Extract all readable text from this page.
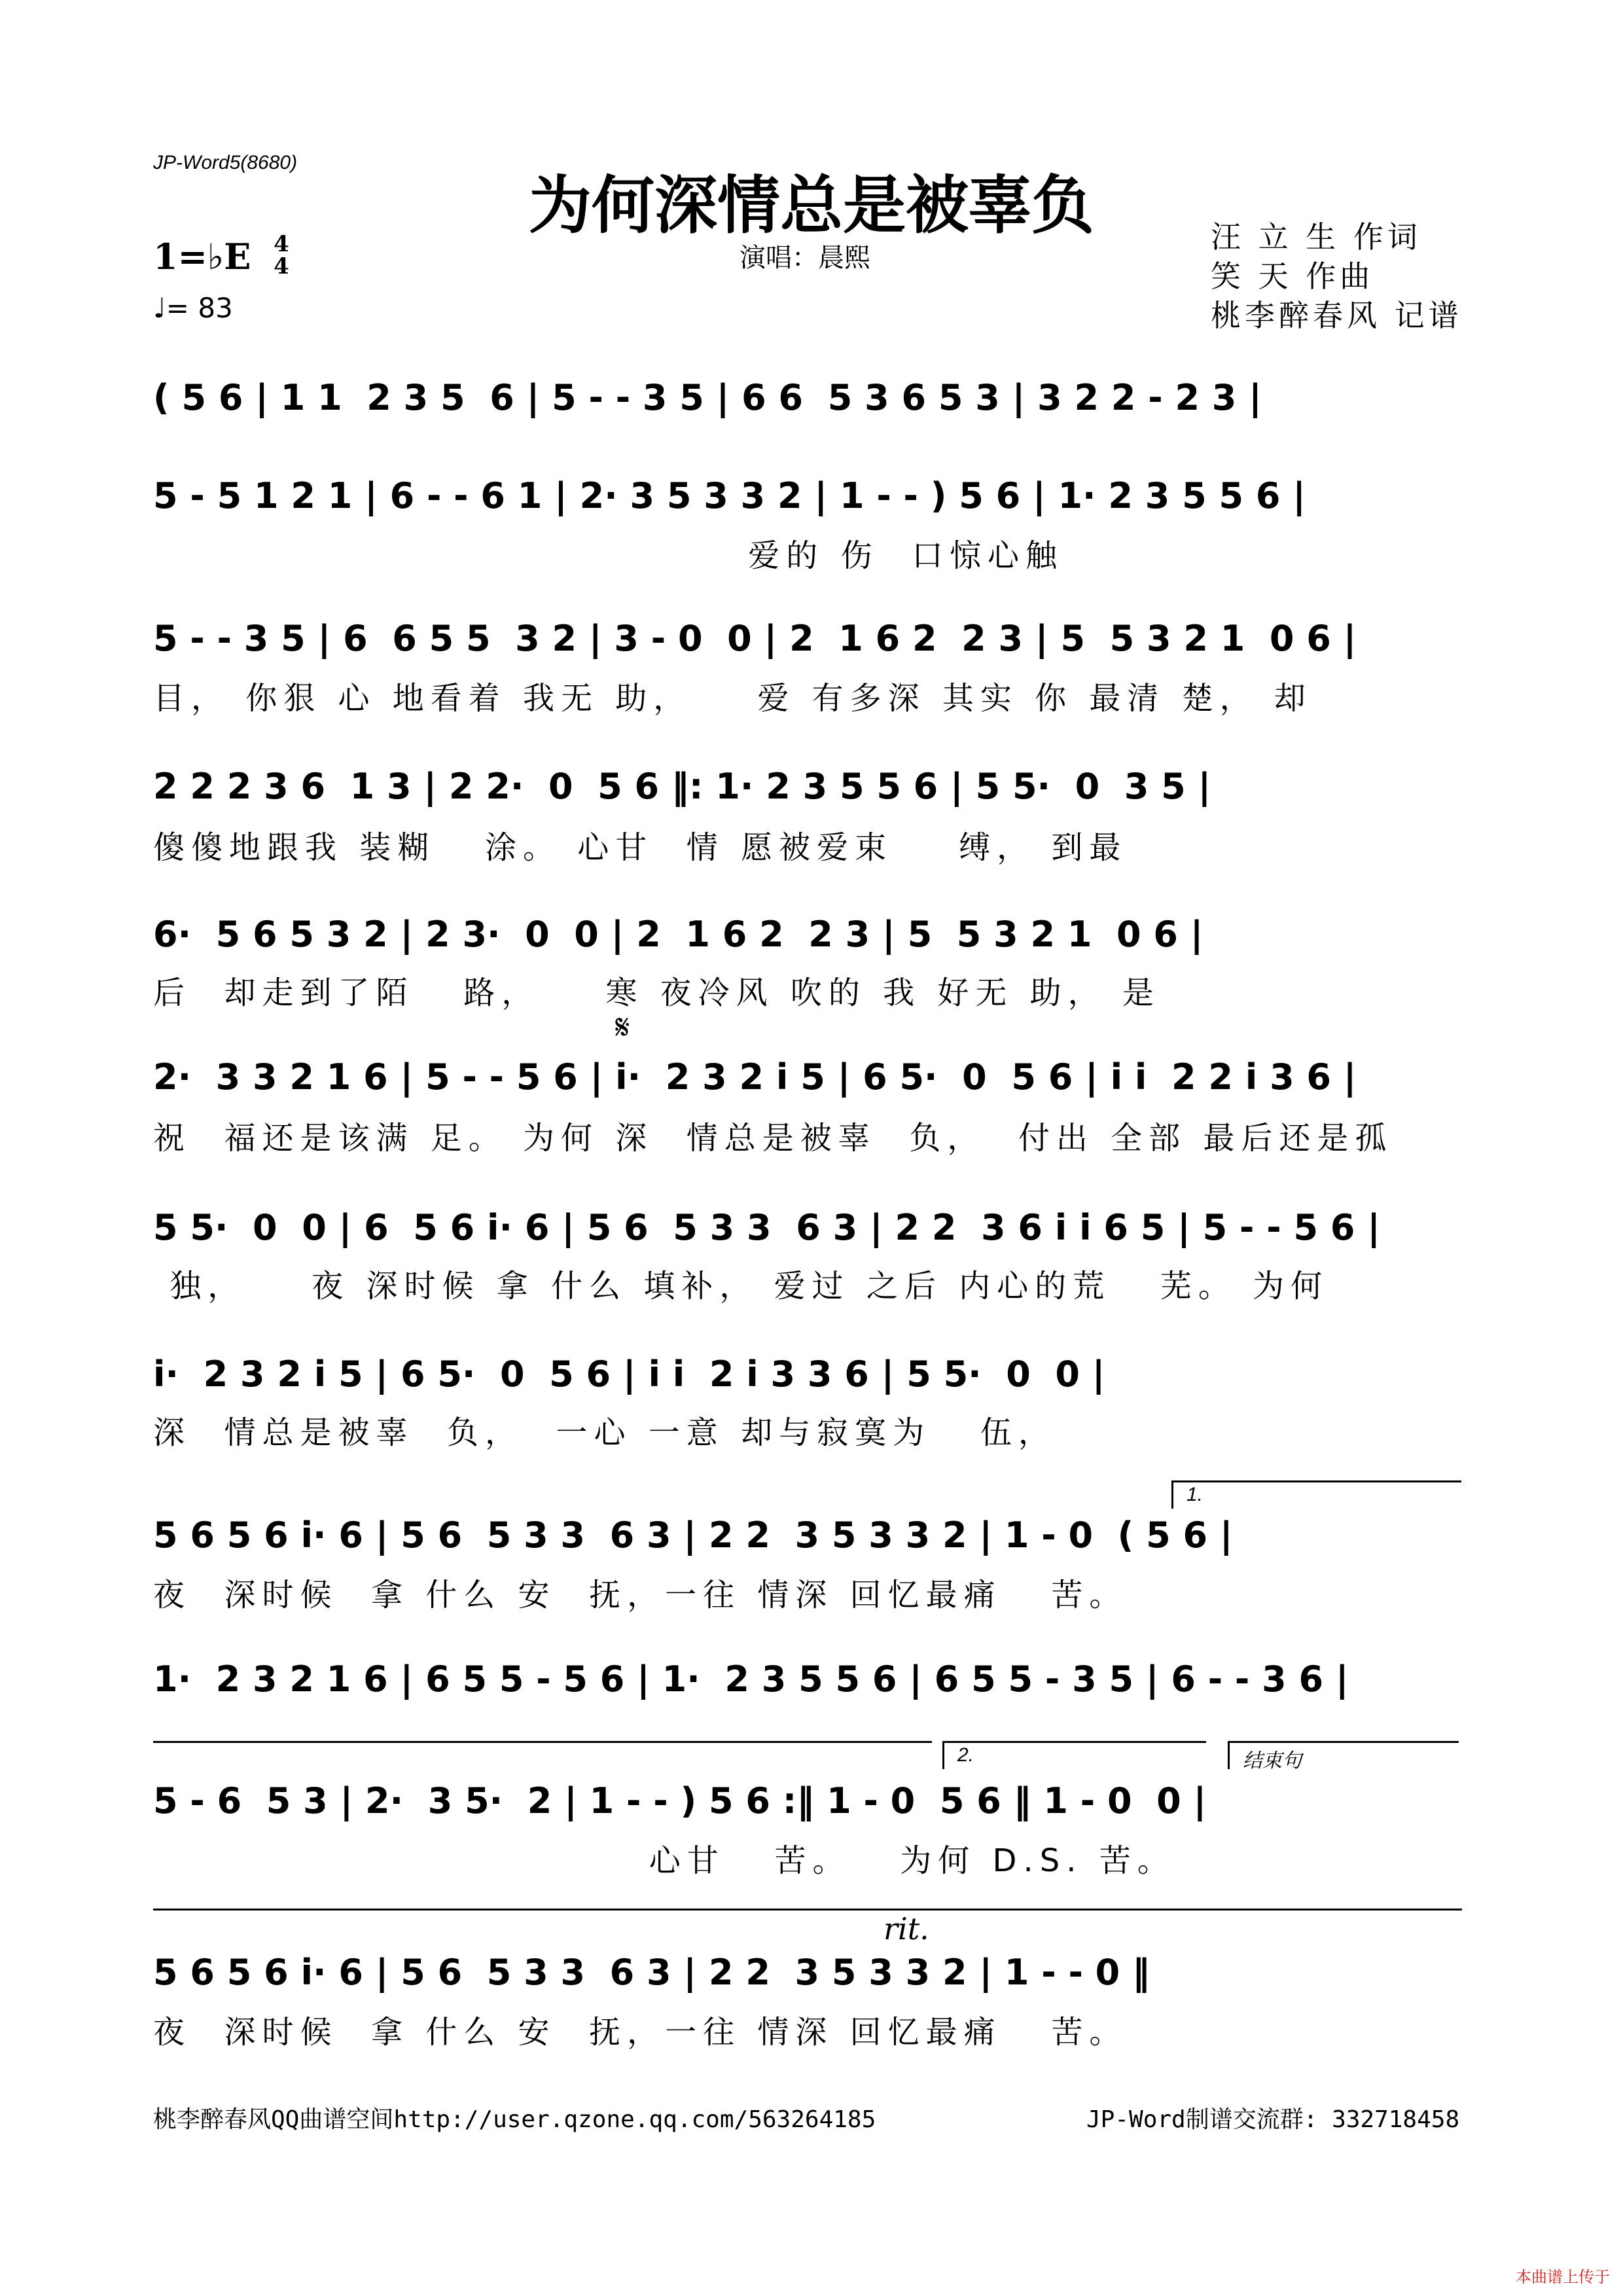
JP-Word5(8680)
为何深情总是被辜负
1=♭E 4
4
♩= 83
演唱：晨熙
汪 立 生 作词
笑 天 作曲
桃李醉春风 记谱
( 5 6 | 1 1  2 3 5  6 | 5 - - 3 5 | 6 6  5 3 6 5 3 | 3 2 2 - 2 3 |
5 - 5 1 2 1 | 6 - - 6 1 | 2· 3 5 3 3 2 | 1 - - ) 5 6 | 1· 2 3 5 5 6 |
爱的 伤  口惊心触
5 - - 3 5 | 6  6 5 5  3 2 | 3 - 0  0 | 2  1 6 2  2 3 | 5  5 3 2 1  0 6 |
目， 你狠 心 地看着 我无 助，    爱 有多深 其实 你 最清 楚， 却
2 2 2 3 6  1 3 | 2 2·  0  5 6 ‖: 1· 2 3 5 5 6 | 5 5·  0  3 5 |
傻傻地跟我 装糊   涂。 心甘  情 愿被爱束    缚， 到最
6·  5 6 5 3 2 | 2 3·  0  0 | 2  1 6 2  2 3 | 5  5 3 2 1  0 6 |
后  却走到了陌   路，    寒 夜冷风 吹的 我 好无 助， 是
𝄋
2·  3 3 2 1 6 | 5 - - 5 6 | i·  2 3 2 i 5 | 6 5·  0  5 6 | i i  2 2 i 3 6 |
祝  福还是该满 足。 为何 深  情总是被辜  负，  付出 全部 最后还是孤
5 5·  0  0 | 6  5 6 i· 6 | 5 6  5 3 3  6 3 | 2 2  3 6 i i 6 5 | 5 - - 5 6 |
独，    夜 深时候 拿 什么 填补， 爱过 之后 内心的荒   芜。 为何
i·  2 3 2 i 5 | 6 5·  0  5 6 | i i  2 i 3 3 6 | 5 5·  0  0 |
深  情总是被辜  负，  一心 一意 却与寂寞为   伍，
1.
5 6 5 6 i· 6 | 5 6  5 3 3  6 3 | 2 2  3 5 3 3 2 | 1 - 0  ( 5 6 |
夜  深时候  拿 什么 安  抚，一往 情深 回忆最痛   苦。
1·  2 3 2 1 6 | 6 5 5 - 5 6 | 1·  2 3 5 5 6 | 6 5 5 - 3 5 | 6 - - 3 6 |
2.	结束句
5 - 6  5 3 | 2·  3 5·  2 | 1 - - ) 5 6 :‖ 1 - 0  5 6 ‖ 1 - 0  0 |
心甘   苦。   为何 D.S. 苦。
rit.
5 6 5 6 i· 6 | 5 6  5 3 3  6 3 | 2 2  3 5 3 3 2 | 1 - - 0 ‖
夜  深时候  拿 什么 安  抚，一往 情深 回忆最痛   苦。
桃李醉春风QQ曲谱空间http://user.qzone.qq.com/563264185	JP-Word制谱交流群: 332718458
本曲谱上传于
